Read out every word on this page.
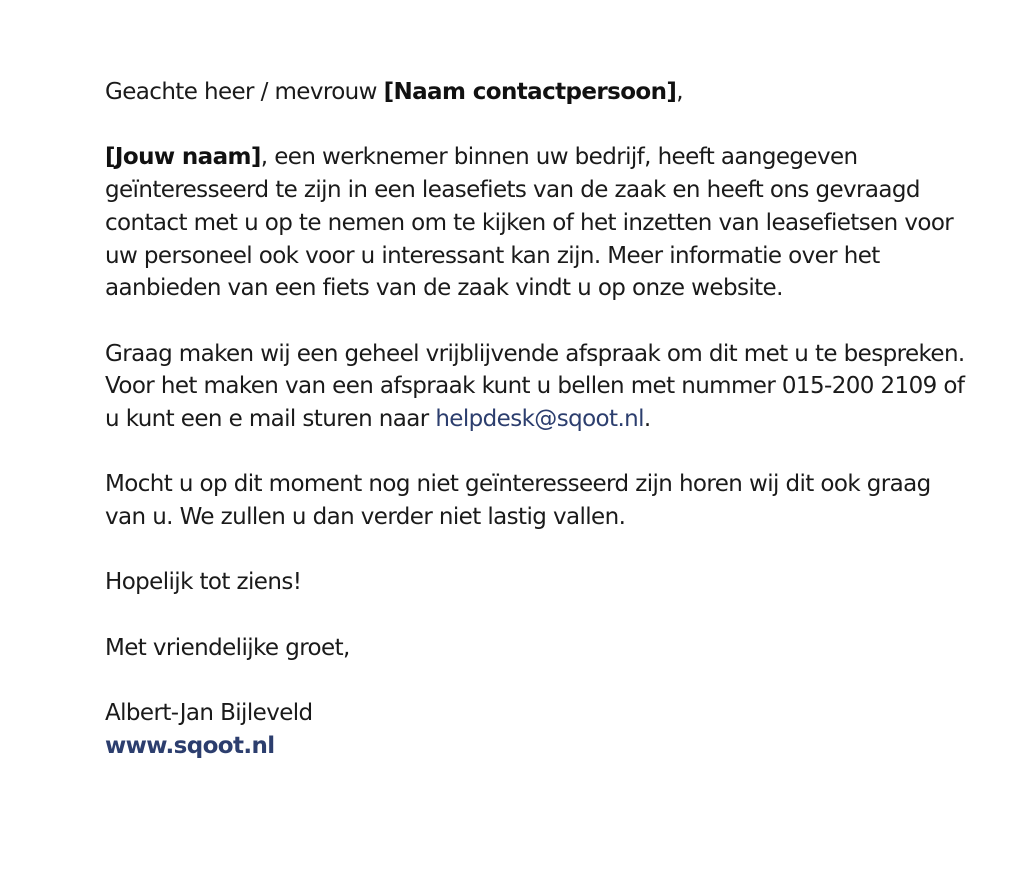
Geachte heer / mevrouw [Naam contactpersoon],

[Jouw naam], een werknemer binnen uw bedrijf, heeft aangegeven geïnteresseerd te zijn in een leasefiets van de zaak en heeft ons gevraagd contact met u op te nemen om te kijken of het inzetten van leasefietsen voor uw personeel ook voor u interessant kan zijn. Meer informatie over het aanbieden van een fiets van de zaak vindt u op onze website.

Graag maken wij een geheel vrijblijvende afspraak om dit met u te bespreken. Voor het maken van een afspraak kunt u bellen met nummer 015-200 2109 of u kunt een e mail sturen naar helpdesk@sqoot.nl.

Mocht u op dit moment nog niet geïnteresseerd zijn horen wij dit ook graag van u. We zullen u dan verder niet lastig vallen.

Hopelijk tot ziens!

Met vriendelijke groet,

Albert-Jan Bijleveld

www.sqoot.nl
